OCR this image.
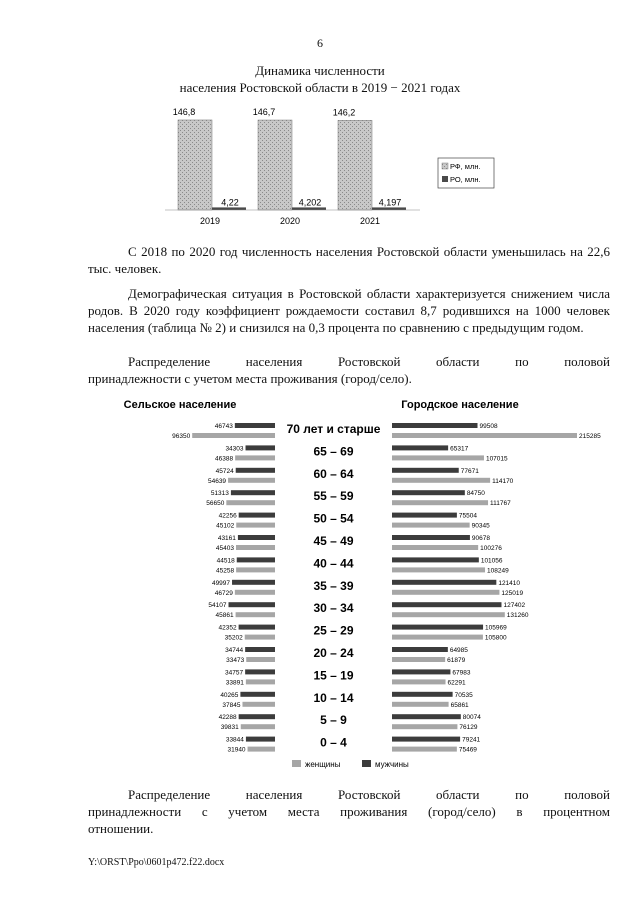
6
Динамика численности
населения Ростовской области в 2019 − 2021 годах
146,8
4,22
2019
146,7
4,202
2020
146,2
4,197
2021
РФ, млн.
РО, млн.

С 2018 по 2020 год численность населения Ростовской области уменьшилась на 22,6 тыс. человек.

Демографическая ситуация в Ростовской области характеризуется снижением числа родов. В 2020 году коэффициент рождаемости составил 8,7 родившихся на 1000 человек населения (таблица № 2) и снизился на 0,3 процента по сравнению с предыдущим годом.

Распределение населения Ростовской области по половой
принадлежности с учетом места проживания (город/село).
Сельское население	Городское население
70 лет и старше
46743
96350
99508
215285
65 – 69
34303
46388
65317
107015
60 – 64
45724
54639
77671
114170
55 – 59
51313
56650
84750
111767
50 – 54
42256
45102
75504
90345
45 – 49
43161
45403
90678
100276
40 – 44
44518
45258
101056
108249
35 – 39
49997
46729
121410
125019
30 – 34
54107
45861
127402
131260
25 – 29
42352
35202
105969
105800
20 – 24
34744
33473
64985
61879
15 – 19
34757
33891
67983
62291
10 – 14
40265
37845
70535
65861
5 – 9
42288
39831
80074
76129
0 – 4
33844
31940
79241
75469
женщины	мужчины
Распределение населения Ростовской области по половой
принадлежности с учетом места проживания (город/село) в процентном
отношении.
Y:\ORST\Ppo\0601p472.f22.docx
